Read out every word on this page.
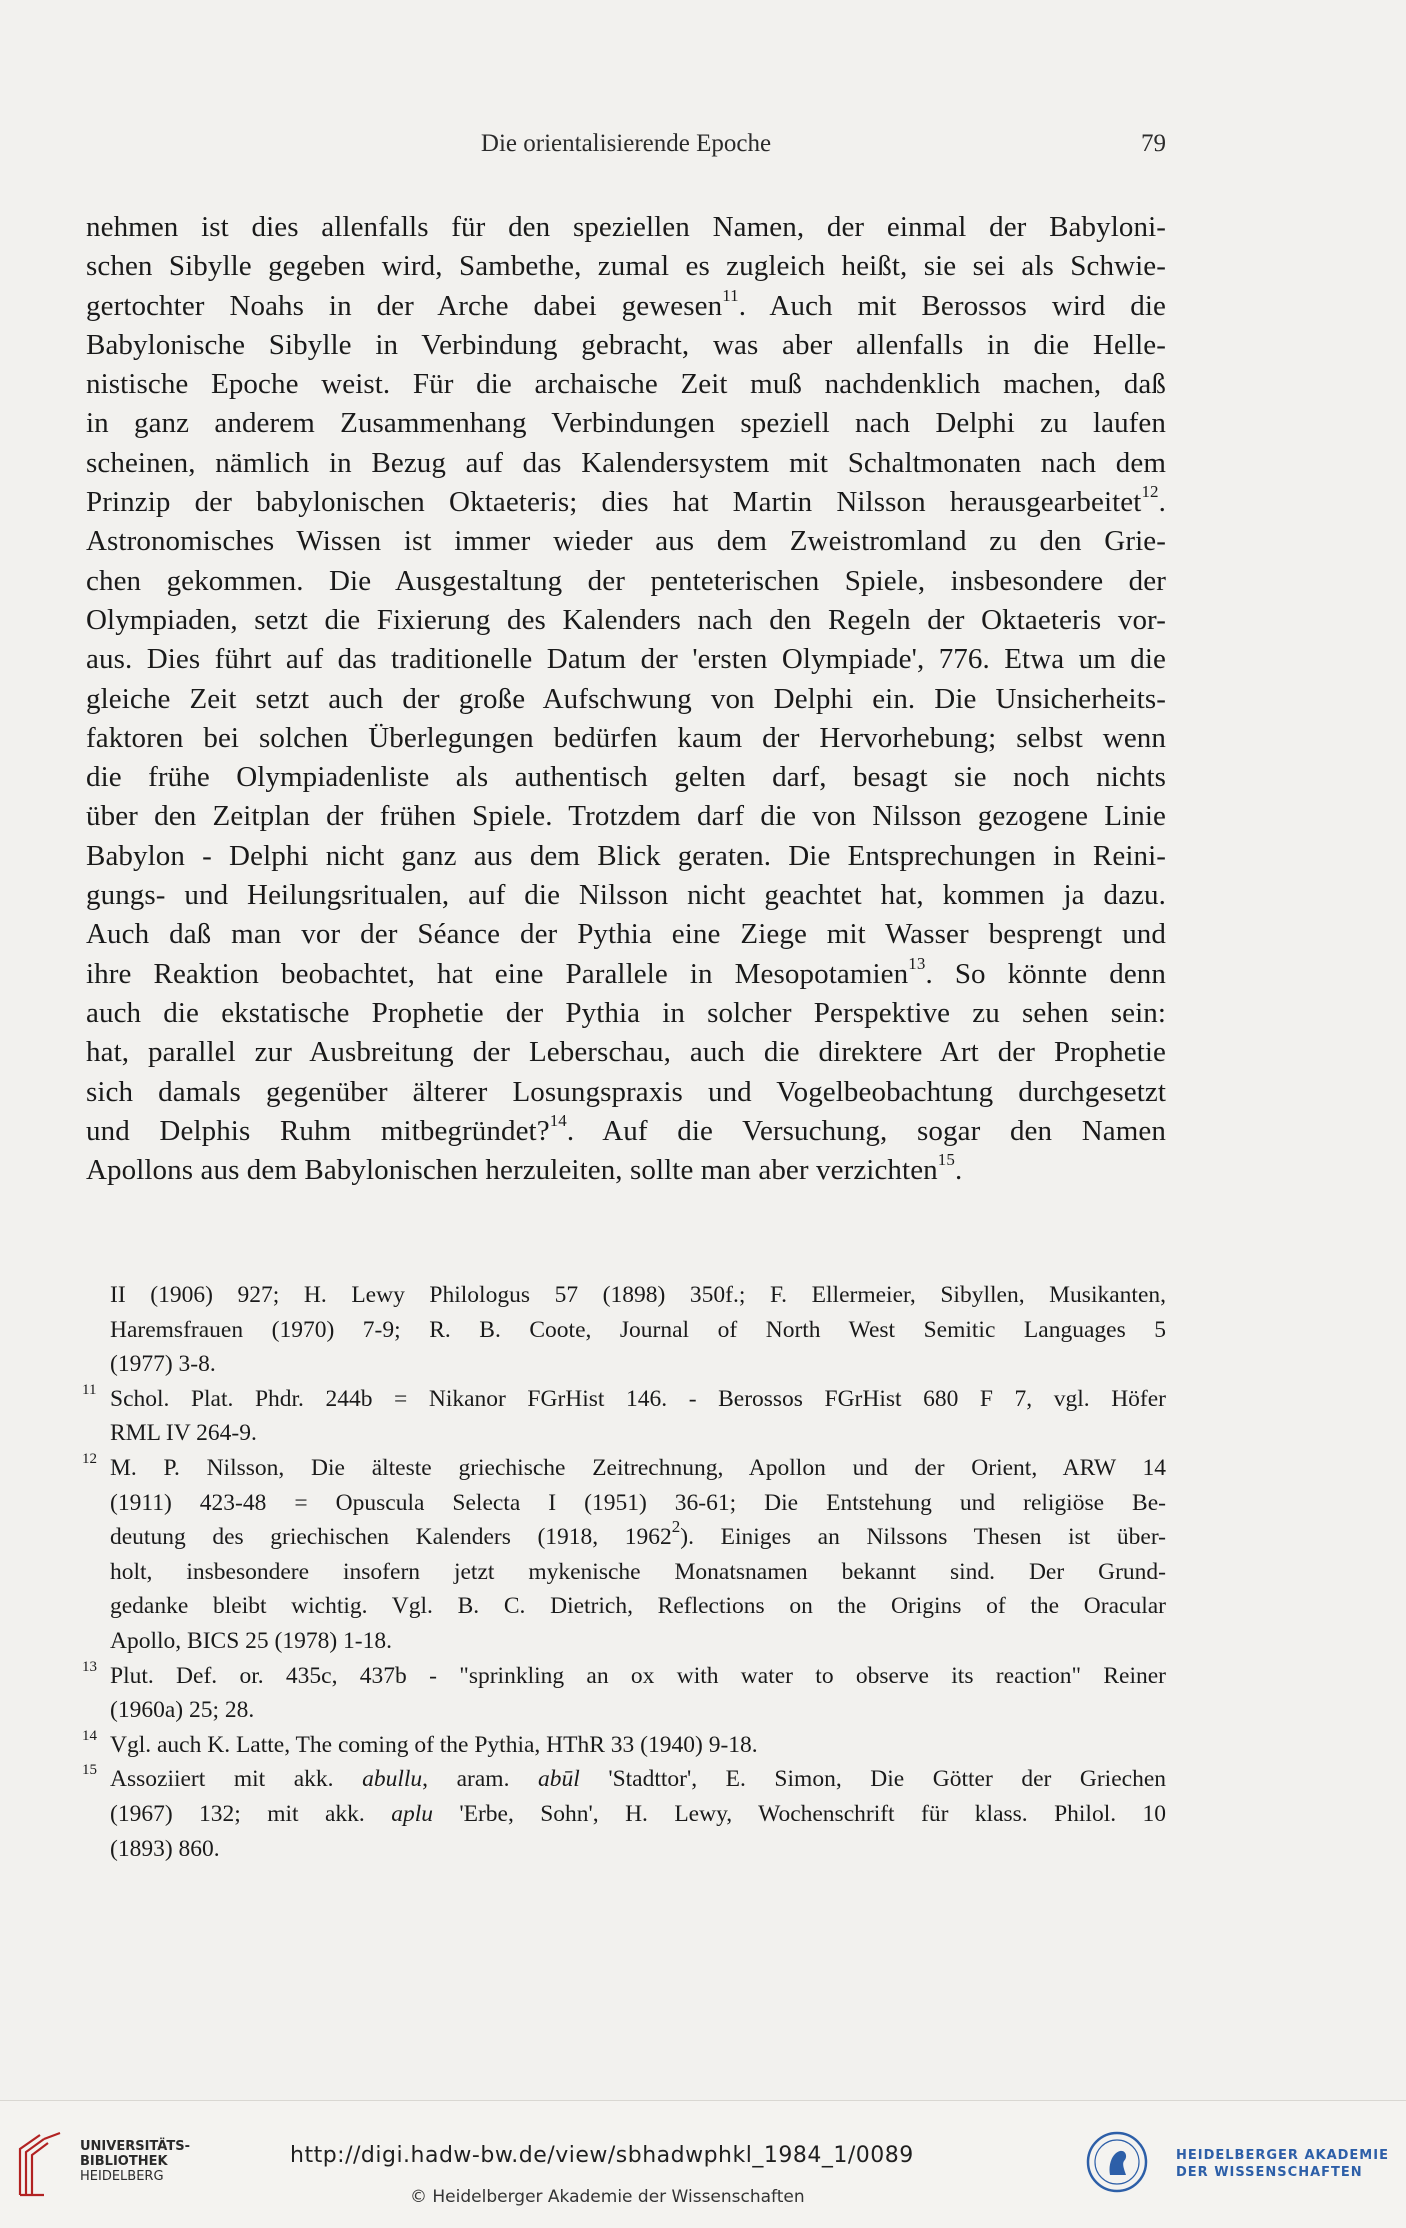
Die orientalisierende Epoche	79
nehmen ist dies allenfalls für den speziellen Namen, der einmal der Babyloni-
schen Sibylle gegeben wird, Sambethe, zumal es zugleich heißt, sie sei als Schwie-
gertochter Noahs in der Arche dabei gewesen$^{11}$. Auch mit Berossos wird die
Babylonische Sibylle in Verbindung gebracht, was aber allenfalls in die Helle-
nistische Epoche weist. Für die archaische Zeit muß nachdenklich machen, daß
in ganz anderem Zusammenhang Verbindungen speziell nach Delphi zu laufen
scheinen, nämlich in Bezug auf das Kalendersystem mit Schaltmonaten nach dem
Prinzip der babylonischen Oktaeteris; dies hat Martin Nilsson herausgearbeitet$^{12}$.
Astronomisches Wissen ist immer wieder aus dem Zweistromland zu den Grie-
chen gekommen. Die Ausgestaltung der penteterischen Spiele, insbesondere der
Olympiaden, setzt die Fixierung des Kalenders nach den Regeln der Oktaeteris vor-
aus. Dies führt auf das traditionelle Datum der 'ersten Olympiade', 776. Etwa um die
gleiche Zeit setzt auch der große Aufschwung von Delphi ein. Die Unsicherheits-
faktoren bei solchen Überlegungen bedürfen kaum der Hervorhebung; selbst wenn
die frühe Olympiadenliste als authentisch gelten darf, besagt sie noch nichts
über den Zeitplan der frühen Spiele. Trotzdem darf die von Nilsson gezogene Linie
Babylon - Delphi nicht ganz aus dem Blick geraten. Die Entsprechungen in Reini-
gungs- und Heilungsritualen, auf die Nilsson nicht geachtet hat, kommen ja dazu.
Auch daß man vor der Séance der Pythia eine Ziege mit Wasser besprengt und
ihre Reaktion beobachtet, hat eine Parallele in Mesopotamien$^{13}$. So könnte denn
auch die ekstatische Prophetie der Pythia in solcher Perspektive zu sehen sein:
hat, parallel zur Ausbreitung der Leberschau, auch die direktere Art der Prophetie
sich damals gegenüber älterer Losungspraxis und Vogelbeobachtung durchgesetzt
und Delphis Ruhm mitbegründet?$^{14}$. Auf die Versuchung, sogar den Namen
Apollons aus dem Babylonischen herzuleiten, sollte man aber verzichten$^{15}$.
II (1906) 927; H. Lewy Philologus 57 (1898) 350f.; F. Ellermeier, Sibyllen, Musikanten,
Haremsfrauen (1970) 7-9; R. B. Coote, Journal of North West Semitic Languages 5
(1977) 3-8.
11 Schol. Plat. Phdr. 244b = Nikanor FGrHist 146. - Berossos FGrHist 680 F 7, vgl. Höfer
RML IV 264-9.
12 M. P. Nilsson, Die älteste griechische Zeitrechnung, Apollon und der Orient, ARW 14
(1911) 423-48 = Opuscula Selecta I (1951) 36-61; Die Entstehung und religiöse Be-
deutung des griechischen Kalenders (1918, 1962$^2$). Einiges an Nilssons Thesen ist über-
holt, insbesondere insofern jetzt mykenische Monatsnamen bekannt sind. Der Grund-
gedanke bleibt wichtig. Vgl. B. C. Dietrich, Reflections on the Origins of the Oracular
Apollo, BICS 25 (1978) 1-18.
13 Plut. Def. or. 435c, 437b - "sprinkling an ox with water to observe its reaction" Reiner
(1960a) 25; 28.
14 Vgl. auch K. Latte, The coming of the Pythia, HThR 33 (1940) 9-18.
15 Assoziiert mit akk. abullu, aram. abūl 'Stadttor', E. Simon, Die Götter der Griechen
(1967) 132; mit akk. aplu 'Erbe, Sohn', H. Lewy, Wochenschrift für klass. Philol. 10
(1893) 860.
UNIVERSITÄTS-
BIBLIOTHEK
HEIDELBERG
http://digi.hadw-bw.de/view/sbhadwphkl_1984_1/0089
© Heidelberger Akademie der Wissenschaften
HEIDELBERGER AKADEMIE
DER WISSENSCHAFTEN
